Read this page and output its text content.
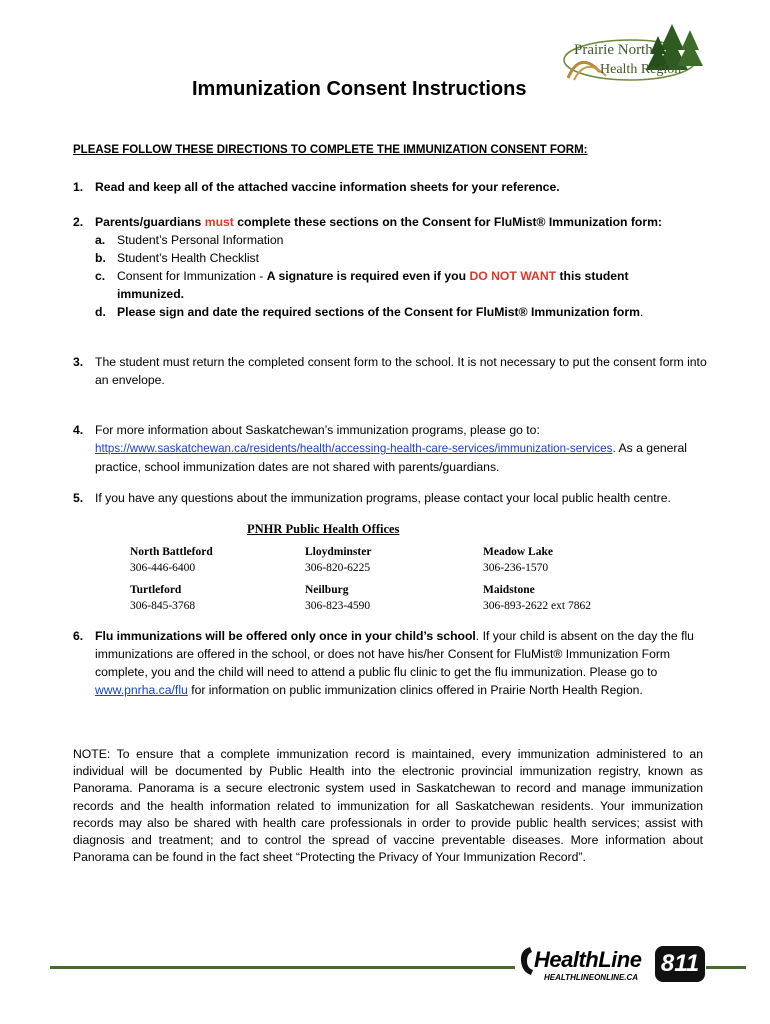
Prairie North
Health Region
Immunization Consent Instructions
PLEASE FOLLOW THESE DIRECTIONS TO COMPLETE THE IMMUNIZATION CONSENT FORM:
1. Read and keep all of the attached vaccine information sheets for your reference.
2. Parents/guardians must complete these sections on the Consent for FluMist® Immunization form:
a. Student’s Personal Information
b. Student’s Health Checklist
c. Consent for Immunization - A signature is required even if you DO NOT WANT this student immunized.
d. Please sign and date the required sections of the Consent for FluMist® Immunization form.
3. The student must return the completed consent form to the school. It is not necessary to put the consent form into an envelope.
4. For more information about Saskatchewan’s immunization programs, please go to:
https://www.saskatchewan.ca/residents/health/accessing-health-care-services/immunization-services. As a general practice, school immunization dates are not shared with parents/guardians.
5. If you have any questions about the immunization programs, please contact your local public health centre.
PNHR Public Health Offices
North Battleford
306-446-6400
Lloydminster
306-820-6225
Meadow Lake
306-236-1570
Turtleford
306-845-3768
Neilburg
306-823-4590
Maidstone
306-893-2622 ext 7862
6. Flu immunizations will be offered only once in your child’s school. If your child is absent on the day the flu immunizations are offered in the school, or does not have his/her Consent for FluMist® Immunization Form complete, you and the child will need to attend a public flu clinic to get the flu immunization. Please go to www.pnrha.ca/flu for information on public immunization clinics offered in Prairie North Health Region.
NOTE: To ensure that a complete immunization record is maintained, every immunization administered to an individual will be documented by Public Health into the electronic provincial immunization registry, known as Panorama. Panorama is a secure electronic system used in Saskatchewan to record and manage immunization records and the health information related to immunization for all Saskatchewan residents. Your immunization records may also be shared with health care professionals in order to provide public health services; assist with diagnosis and treatment; and to control the spread of vaccine preventable diseases. More information about Panorama can be found in the fact sheet “Protecting the Privacy of Your Immunization Record”.
HealthLine
HEALTHLINEONLINE.CA
811
